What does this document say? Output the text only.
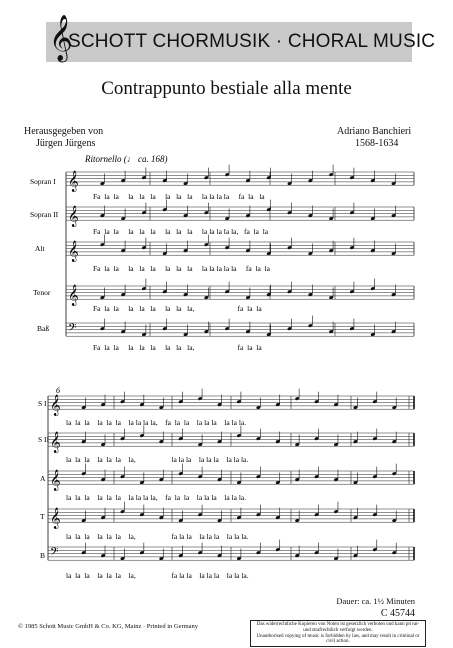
𝄞
SCHOTT CHORMUSIK · CHORAL MUSIC
Contrappunto bestiale alla mente
Herausgegeben von
Jürgen Jürgens
Adriano Banchieri
1568-1634
𝄞
𝄞
𝄞
𝄞
𝄢
𝄞
𝄞
𝄞
𝄞
𝄢
Ritornello (♩ ca. 168)
6
Sopran I
Sopran II
Alt
Tenor
Baß
Fa  la  la     la   la   la     la   la   la     la la la la     fa  la   la
Fa  la  la     la   la   la     la   la   la     la la la la la,   fa  la  la
Fa  la  la     la   la   la     la   la   la     la la la la la     fa  la  la
Fa  la  la     la   la   la     la   la   la,                       fa  la  la
Fa  la  la     la   la   la     la   la   la,                       fa  la  la
S I
S II
A
T
B
la  la  la    la  la  la    la la la la,    fa  la  la    la la la    la la la.
la  la  la    la  la  la    la,                   la la la    la la la    la la la.
la  la  la    la  la  la    la la la la,    fa  la  la    la la la    la la la.
la  la  la    la  la  la    la,                   fa la la    la la la    la la la.
la  la  la    la  la  la    la,                   fa la la    la la la    la la la.
Dauer: ca. 1½ Minuten
C 45744
© 1985 Schott Music GmbH & Co. KG, Mainz · Printed in Germany	Das widerrechtliche Kopieren von Noten ist gesetzlich verboten und kann privat- und strafrechtlich verfolgt werden.
Unauthorised copying of music is forbidden by law, and may result in criminal or civil action.
